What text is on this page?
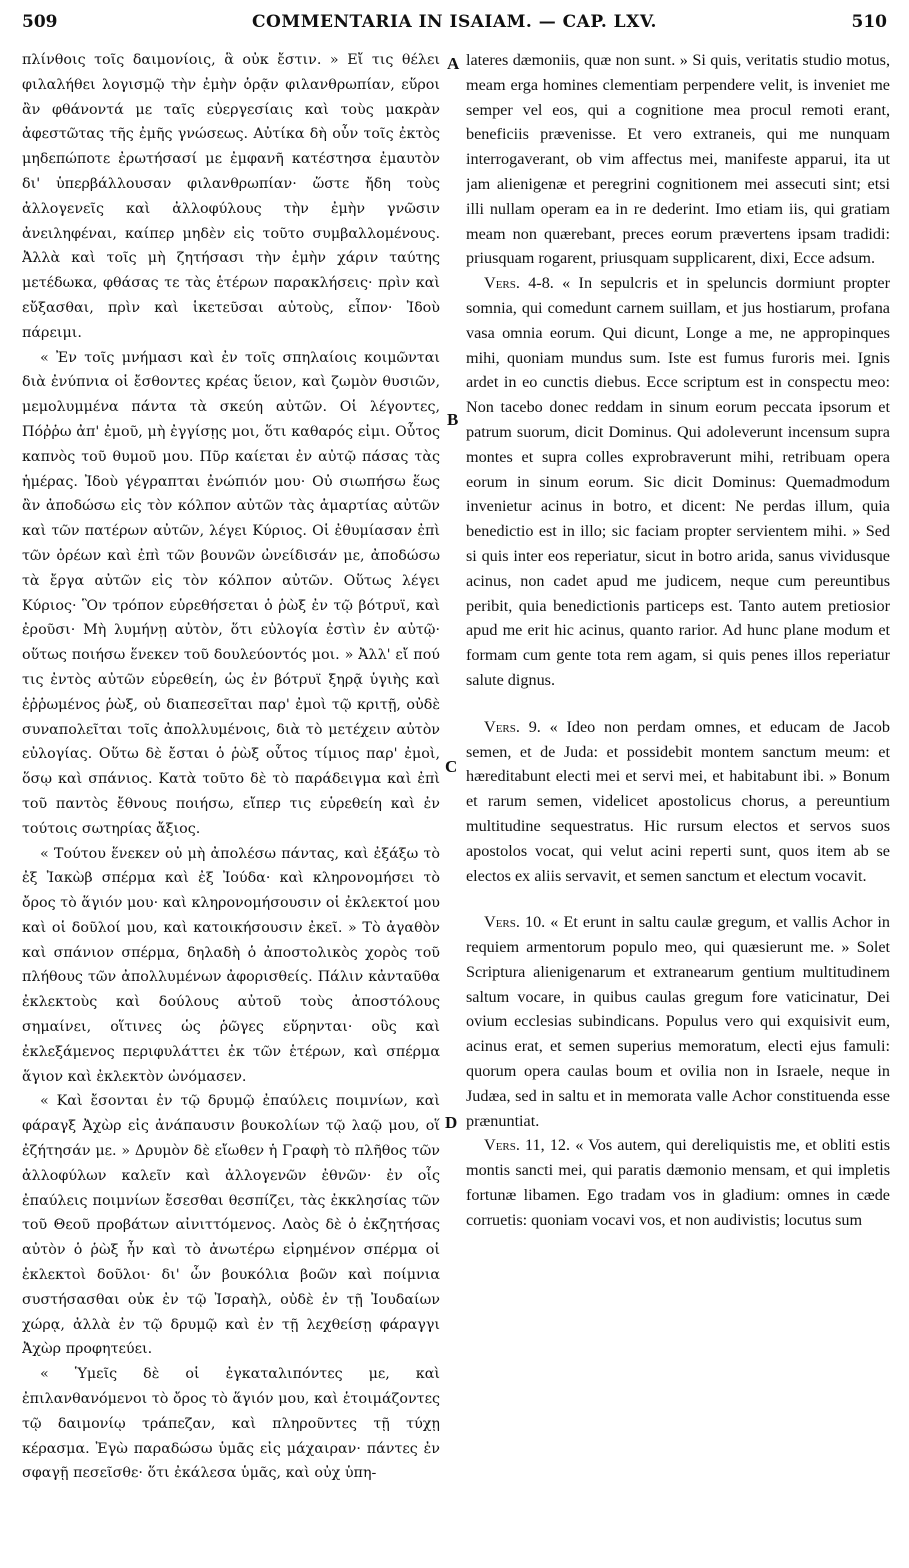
509	COMMENTARIA IN ISAIAM. — CAP. LXV.	510

πλίνθοις τοῖς δαιμονίοις, ἃ οὐκ ἔστιν. » Εἴ τις θέλει φιλαλήθει λογισμῷ τὴν ἐμὴν ὁρᾷν φιλανθρωπίαν, εὕροι ἂν φθάνοντά με ταῖς εὐεργεσίαις καὶ τοὺς μακρὰν ἀφεστῶτας τῆς ἐμῆς γνώσεως. Αὐτίκα δὴ οὖν τοῖς ἐκτὸς μηδεπώποτε ἐρωτήσασί με ἐμφανῆ κατέστησα ἐμαυτὸν δι' ὑπερβάλλουσαν φιλανθρωπίαν· ὥστε ἤδη τοὺς ἀλλογενεῖς καὶ ἀλλοφύλους τὴν ἐμὴν γνῶσιν ἀνειληφέναι, καίπερ μηδὲν εἰς τοῦτο συμβαλλομένους. Ἀλλὰ καὶ τοῖς μὴ ζητήσασι τὴν ἐμὴν χάριν ταύτης μετέδωκα, φθάσας τε τὰς ἑτέρων παρακλήσεις· πρὶν καὶ εὔξασθαι, πρὶν καὶ ἱκετεῦσαι αὐτοὺς, εἶπον· Ἰδοὺ πάρειμι.

« Ἐν τοῖς μνήμασι καὶ ἐν τοῖς σπηλαίοις κοιμῶνται διὰ ἐνύπνια οἱ ἔσθοντες κρέας ὕειον, καὶ ζωμὸν θυσιῶν, μεμολυμμένα πάντα τὰ σκεύη αὐτῶν. Οἱ λέγοντες, Πόῤῥω ἀπ' ἐμοῦ, μὴ ἐγγίσῃς μοι, ὅτι καθαρός εἰμι. Οὗτος καπνὸς τοῦ θυμοῦ μου. Πῦρ καίεται ἐν αὐτῷ πάσας τὰς ἡμέρας. Ἰδοὺ γέγραπται ἐνώπιόν μου· Οὐ σιωπήσω ἕως ἂν ἀποδώσω εἰς τὸν κόλπον αὐτῶν τὰς ἁμαρτίας αὐτῶν καὶ τῶν πατέρων αὐτῶν, λέγει Κύριος. Οἱ ἐθυμίασαν ἐπὶ τῶν ὀρέων καὶ ἐπὶ τῶν βουνῶν ὠνείδισάν με, ἀποδώσω τὰ ἔργα αὐτῶν εἰς τὸν κόλπον αὐτῶν. Οὕτως λέγει Κύριος· Ὃν τρόπον εὑρεθήσεται ὁ ῥὼξ ἐν τῷ βότρυϊ, καὶ ἐροῦσι· Μὴ λυμήνῃ αὐτὸν, ὅτι εὐλογία ἐστὶν ἐν αὐτῷ· οὕτως ποιήσω ἕνεκεν τοῦ δουλεύοντός μοι. » Ἀλλ' εἴ πού τις ἐντὸς αὐτῶν εὑρεθείη, ὡς ἐν βότρυϊ ξηρᾷ ὑγιὴς καὶ ἐῤῥωμένος ῥὼξ, οὐ διαπεσεῖται παρ' ἐμοὶ τῷ κριτῇ, οὐδὲ συναπολεῖται τοῖς ἀπολλυμένοις, διὰ τὸ μετέχειν αὐτὸν εὐλογίας. Οὕτω δὲ ἔσται ὁ ῥὼξ οὗτος τίμιος παρ' ἐμοὶ, ὅσῳ καὶ σπάνιος. Κατὰ τοῦτο δὲ τὸ παράδειγμα καὶ ἐπὶ τοῦ παντὸς ἔθνους ποιήσω, εἴπερ τις εὑρεθείη καὶ ἐν τούτοις σωτηρίας ἄξιος.

« Τούτου ἕνεκεν οὐ μὴ ἀπολέσω πάντας, καὶ ἐξάξω τὸ ἐξ Ἰακὼβ σπέρμα καὶ ἐξ Ἰούδα· καὶ κληρονομήσει τὸ ὄρος τὸ ἅγιόν μου· καὶ κληρονομήσουσιν οἱ ἐκλεκτοί μου καὶ οἱ δοῦλοί μου, καὶ κατοικήσουσιν ἐκεῖ. » Τὸ ἀγαθὸν καὶ σπάνιον σπέρμα, δηλαδὴ ὁ ἀποστολικὸς χορὸς τοῦ πλήθους τῶν ἀπολλυμένων ἀφορισθείς. Πάλιν κἀνταῦθα ἐκλεκτοὺς καὶ δούλους αὐτοῦ τοὺς ἀποστόλους σημαίνει, οἵτινες ὡς ῥῶγες εὕρηνται· οὓς καὶ ἐκλεξάμενος περιφυλάττει ἐκ τῶν ἑτέρων, καὶ σπέρμα ἅγιον καὶ ἐκλεκτὸν ὠνόμασεν.

« Καὶ ἔσονται ἐν τῷ δρυμῷ ἐπαύλεις ποιμνίων, καὶ φάραγξ Ἀχὼρ εἰς ἀνάπαυσιν βουκολίων τῷ λαῷ μου, οἵ ἐζήτησάν με. » Δρυμὸν δὲ εἴωθεν ἡ Γραφὴ τὸ πλῆθος τῶν ἀλλοφύλων καλεῖν καὶ ἀλλογενῶν ἐθνῶν· ἐν οἷς ἐπαύλεις ποιμνίων ἔσεσθαι θεσπίζει, τὰς ἐκκλησίας τῶν τοῦ Θεοῦ προβάτων αἰνιττόμενος. Λαὸς δὲ ὁ ἐκζητήσας αὐτὸν ὁ ῥὼξ ἦν καὶ τὸ ἀνωτέρω εἰρημένον σπέρμα οἱ ἐκλεκτοὶ δοῦλοι· δι' ὧν βουκόλια βοῶν καὶ ποίμνια συστήσασθαι οὐκ ἐν τῷ Ἰσραὴλ, οὐδὲ ἐν τῇ Ἰουδαίων χώρᾳ, ἀλλὰ ἐν τῷ δρυμῷ καὶ ἐν τῇ λεχθείσῃ φάραγγι Ἀχὼρ προφητεύει.

« Ὑμεῖς δὲ οἱ ἐγκαταλιπόντες με, καὶ ἐπιλανθανόμενοι τὸ ὄρος τὸ ἅγιόν μου, καὶ ἑτοιμάζοντες τῷ δαιμονίῳ τράπεζαν, καὶ πληροῦντες τῇ τύχῃ κέρασμα. Ἐγὼ παραδώσω ὑμᾶς εἰς μάχαιραν· πάντες ἐν σφαγῇ πεσεῖσθε· ὅτι ἐκάλεσα ὑμᾶς, καὶ οὐχ ὑπη-

A
B
C
D

lateres dæmoniis, quæ non sunt. » Si quis, veritatis studio motus, meam erga homines clementiam perpendere velit, is inveniet me semper vel eos, qui a cognitione mea procul remoti erant, beneficiis prævenisse. Et vero extraneis, qui me nunquam interrogaverant, ob vim affectus mei, manifeste apparui, ita ut jam alienigenæ et peregrini cognitionem mei assecuti sint; etsi illi nullam operam ea in re dederint. Imo etiam iis, qui gratiam meam non quærebant, preces eorum prævertens ipsam tradidi: priusquam rogarent, priusquam supplicarent, dixi, Ecce adsum.

Vers. 4-8. « In sepulcris et in speluncis dormiunt propter somnia, qui comedunt carnem suillam, et jus hostiarum, profana vasa omnia eorum. Qui dicunt, Longe a me, ne appropinques mihi, quoniam mundus sum. Iste est fumus furoris mei. Ignis ardet in eo cunctis diebus. Ecce scriptum est in conspectu meo: Non tacebo donec reddam in sinum eorum peccata ipsorum et patrum suorum, dicit Dominus. Qui adoleverunt incensum supra montes et supra colles exprobraverunt mihi, retribuam opera eorum in sinum eorum. Sic dicit Dominus: Quemadmodum invenietur acinus in botro, et dicent: Ne perdas illum, quia benedictio est in illo; sic faciam propter servientem mihi. » Sed si quis inter eos reperiatur, sicut in botro arida, sanus vividusque acinus, non cadet apud me judicem, neque cum pereuntibus peribit, quia benedictionis particeps est. Tanto autem pretiosior apud me erit hic acinus, quanto rarior. Ad hunc plane modum et formam cum gente tota rem agam, si quis penes illos reperiatur salute dignus.

Vers. 9. « Ideo non perdam omnes, et educam de Jacob semen, et de Juda: et possidebit montem sanctum meum: et hæreditabunt electi mei et servi mei, et habitabunt ibi. » Bonum et rarum semen, videlicet apostolicus chorus, a pereuntium multitudine sequestratus. Hic rursum electos et servos suos apostolos vocat, qui velut acini reperti sunt, quos item ab se electos ex aliis servavit, et semen sanctum et electum vocavit.

Vers. 10. « Et erunt in saltu caulæ gregum, et vallis Achor in requiem armentorum populo meo, qui quæsierunt me. » Solet Scriptura alienigenarum et extranearum gentium multitudinem saltum vocare, in quibus caulas gregum fore vaticinatur, Dei ovium ecclesias subindicans. Populus vero qui exquisivit eum, acinus erat, et semen superius memoratum, electi ejus famuli: quorum opera caulas boum et ovilia non in Israele, neque in Judæa, sed in saltu et in memorata valle Achor constituenda esse prænuntiat.

Vers. 11, 12. « Vos autem, qui dereliquistis me, et obliti estis montis sancti mei, qui paratis dæmonio mensam, et qui impletis fortunæ libamen. Ego tradam vos in gladium: omnes in cæde corruetis: quoniam vocavi vos, et non audivistis; locutus sum
